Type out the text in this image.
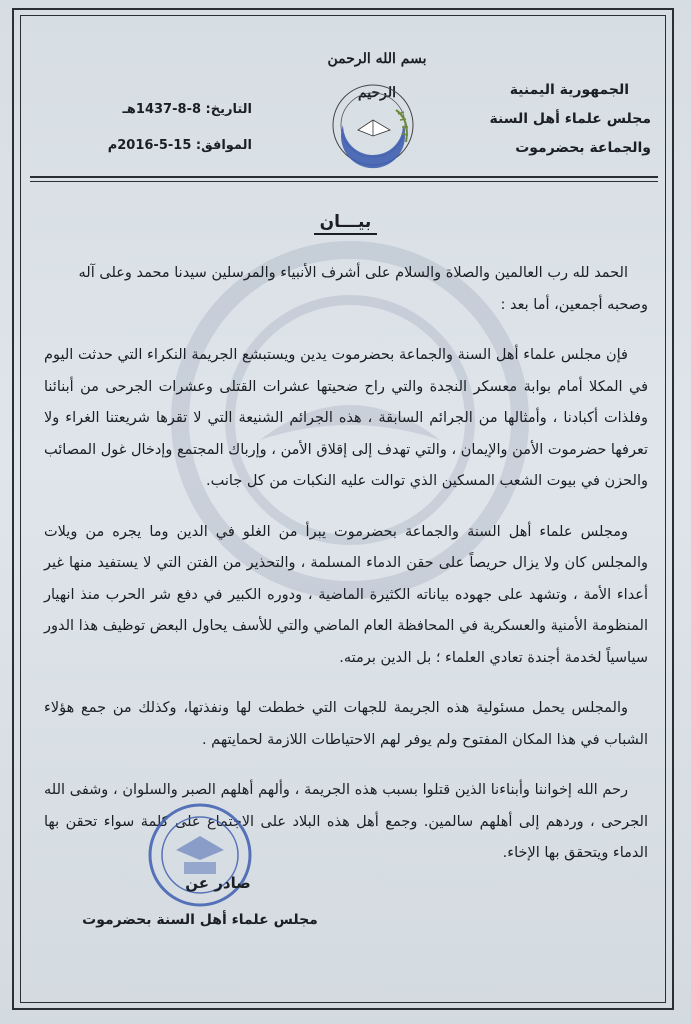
بسم الله الرحمن الرحيم	الجمهورية اليمنية
مجلس علماء أهل السنة
والجماعة بحضرموت
التاريخ: 8-8-1437هـ
الموافق: 15-5-2016م
بيـــان

الحمد لله رب العالمين والصلاة والسلام على أشرف الأنبياء والمرسلين سيدنا محمد وعلى آله

وصحبه أجمعين، أما بعد :

فإن مجلس علماء أهل السنة والجماعة بحضرموت يدين ويستبشع الجريمة النكراء التي حدثت اليوم في المكلا أمام بوابة معسكر النجدة والتي راح ضحيتها عشرات القتلى وعشرات الجرحى من أبنائنا وفلذات أكبادنا ، وأمثالها من الجرائم السابقة ، هذه الجرائم الشنيعة التي لا تقرها شريعتنا الغراء ولا تعرفها حضرموت الأمن والإيمان ، والتي تهدف إلى إقلاق الأمن ، وإرباك المجتمع وإدخال غول المصائب والحزن في بيوت الشعب المسكين الذي توالت عليه النكبات من كل جانب.

ومجلس علماء أهل السنة والجماعة بحضرموت يبرأ من الغلو في الدين وما يجره من ويلات والمجلس كان ولا يزال حريصاً على حقن الدماء المسلمة ، والتحذير من الفتن التي لا يستفيد منها غير أعداء الأمة ، وتشهد على جهوده بياناته الكثيرة الماضية ، ودوره الكبير في دفع شر الحرب منذ انهيار المنظومة الأمنية والعسكرية في المحافظة العام الماضي والتي للأسف يحاول البعض توظيف هذا الدور سياسياً لخدمة أجندة تعادي العلماء ؛ بل الدين برمته.

والمجلس يحمل مسئولية هذه الجريمة للجهات التي خططت لها ونفذتها، وكذلك من جمع هؤلاء الشباب في هذا المكان المفتوح ولم يوفر لهم الاحتياطات اللازمة لحمايتهم .

رحم الله إخواننا وأبناءنا الذين قتلوا بسبب هذه الجريمة ، وألهم أهلهم الصبر والسلوان ، وشفى الله الجرحى ، وردهم إلى أهلهم سالمين. وجمع أهل هذه البلاد على الاجتماع على كلمة سواء تحقن بها الدماء ويتحقق بها الإخاء.

صادر عن
مجلس علماء أهل السنة بحضرموت
